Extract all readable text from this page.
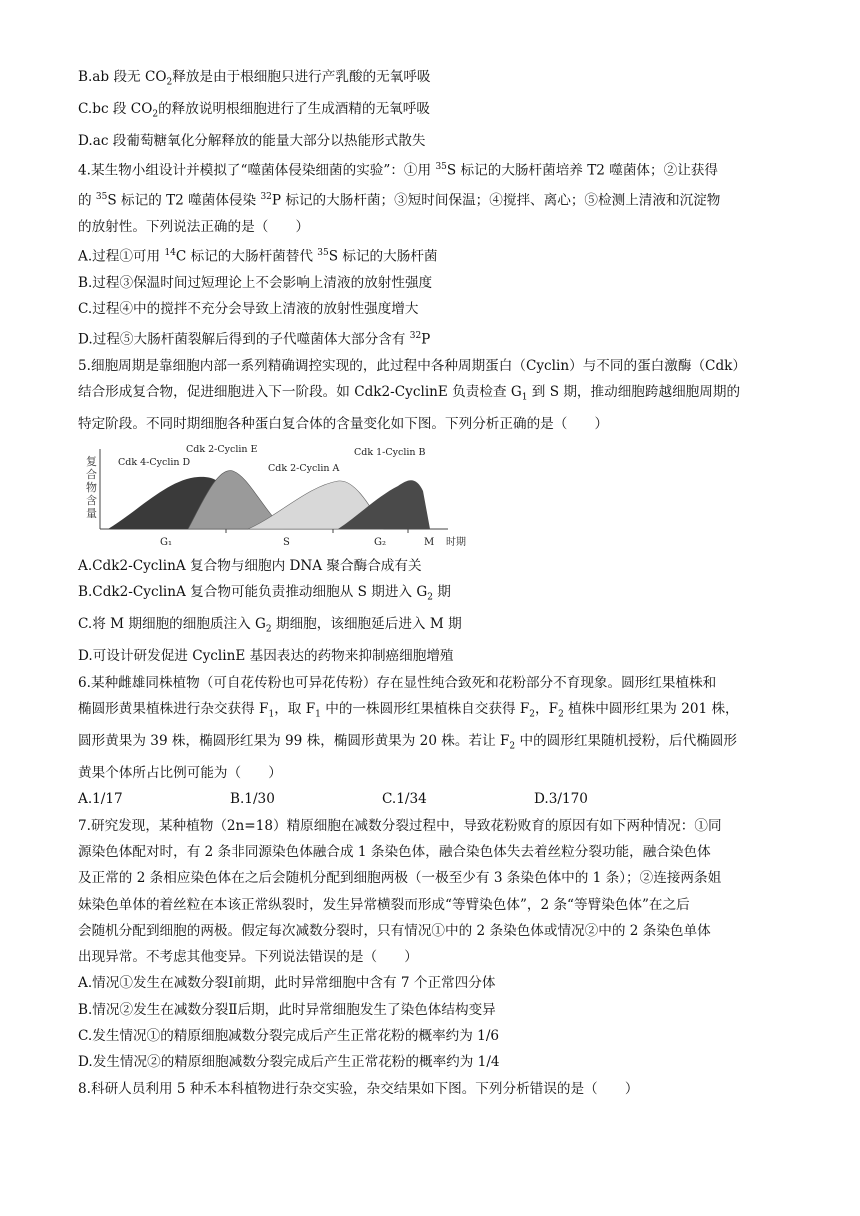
B.ab 段无 $CO_2$释放是由于根细胞只进行产乳酸的无氧呼吸
C.bc 段 $CO_2$的释放说明根细胞进行了生成酒精的无氧呼吸
D.ac 段葡萄糖氧化分解释放的能量大部分以热能形式散失
4.某生物小组设计并模拟了“噬菌体侵染细菌的实验”：①用 $^{35}$S 标记的大肠杆菌培养 T2 噬菌体；②让获得
的 $^{35}$S 标记的 T2 噬菌体侵染 $^{32}$P 标记的大肠杆菌；③短时间保温；④搅拌、离心；⑤检测上清液和沉淀物
的放射性。下列说法正确的是（　　）
A.过程①可用 $^{14}$C 标记的大肠杆菌替代 $^{35}$S 标记的大肠杆菌
B.过程③保温时间过短理论上不会影响上清液的放射性强度
C.过程④中的搅拌不充分会导致上清液的放射性强度增大
D.过程⑤大肠杆菌裂解后得到的子代噬菌体大部分含有 $^{32}$P
5.细胞周期是靠细胞内部一系列精确调控实现的，此过程中各种周期蛋白（Cyclin）与不同的蛋白激酶（Cdk）
结合形成复合物，促进细胞进入下一阶段。如 Cdk2-CyclinE 负责检查 $G_1$ 到 S 期，推动细胞跨越细胞周期的
特定阶段。不同时期细胞各种蛋白复合体的含量变化如下图。下列分析正确的是（　　）
复
合
物
含
量
Cdk 4-Cyclin D
Cdk 2-Cyclin E
Cdk 2-Cyclin A
Cdk 1-Cyclin B
G₁	S	G₂	M 时期
A.Cdk2-CyclinA 复合物与细胞内 DNA 聚合酶合成有关
B.Cdk2-CyclinA 复合物可能负责推动细胞从 S 期进入 $G_2$ 期
C.将 M 期细胞的细胞质注入 $G_2$ 期细胞，该细胞延后进入 M 期
D.可设计研发促进 CyclinE 基因表达的药物来抑制癌细胞增殖
6.某种雌雄同株植物（可自花传粉也可异花传粉）存在显性纯合致死和花粉部分不育现象。圆形红果植株和
椭圆形黄果植株进行杂交获得 $F_1$，取 $F_1$ 中的一株圆形红果植株自交获得 $F_2$，$F_2$ 植株中圆形红果为 201 株，
圆形黄果为 39 株，椭圆形红果为 99 株，椭圆形黄果为 20 株。若让 $F_2$ 中的圆形红果随机授粉，后代椭圆形
黄果个体所占比例可能为（　　）
A.1/17	B.1/30	C.1/34	D.3/170
7.研究发现，某种植物（2n=18）精原细胞在减数分裂过程中，导致花粉败育的原因有如下两种情况：①同
源染色体配对时，有 2 条非同源染色体融合成 1 条染色体，融合染色体失去着丝粒分裂功能，融合染色体
及正常的 2 条相应染色体在之后会随机分配到细胞两极（一极至少有 3 条染色体中的 1 条）；②连接两条姐
妹染色单体的着丝粒在本该正常纵裂时，发生异常横裂而形成“等臂染色体”，2 条“等臂染色体”在之后
会随机分配到细胞的两极。假定每次减数分裂时，只有情况①中的 2 条染色体或情况②中的 2 条染色单体
出现异常。不考虑其他变异。下列说法错误的是（　　）
A.情况①发生在减数分裂Ⅰ前期，此时异常细胞中含有 7 个正常四分体
B.情况②发生在减数分裂Ⅱ后期，此时异常细胞发生了染色体结构变异
C.发生情况①的精原细胞减数分裂完成后产生正常花粉的概率约为 1/6
D.发生情况②的精原细胞减数分裂完成后产生正常花粉的概率约为 1/4
8.科研人员利用 5 种禾本科植物进行杂交实验，杂交结果如下图。下列分析错误的是（　　）
